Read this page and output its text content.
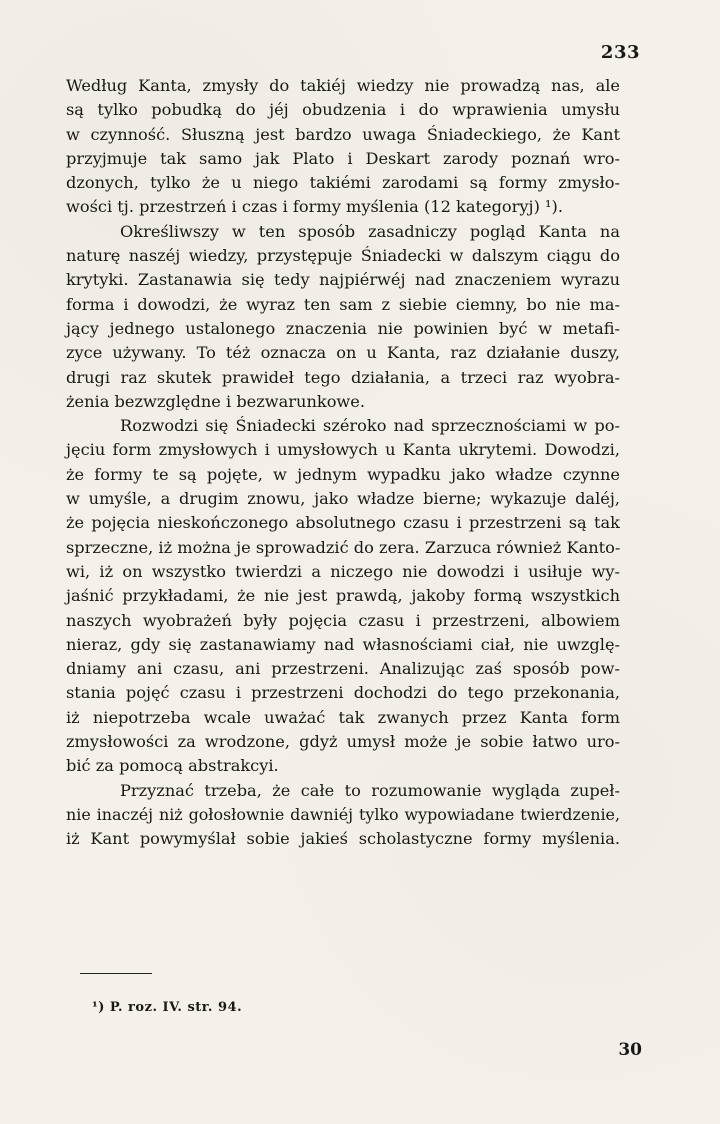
233
Według Kanta, zmysły do takiéj wiedzy nie prowadzą nas, ale
są tylko pobudką do jéj obudzenia i do wprawienia umysłu
w czynność. Słuszną jest bardzo uwaga Śniadeckiego, że Kant
przyjmuje tak samo jak Plato i Deskart zarody poznań wro-
dzonych, tylko że u niego takiémi zarodami są formy zmysło-
wości tj. przestrzeń i czas i formy myślenia (12 kategoryj) ¹).
Określiwszy w ten sposób zasadniczy pogląd Kanta na
naturę naszéj wiedzy, przystępuje Śniadecki w dalszym ciągu do
krytyki. Zastanawia się tedy najpiérwéj nad znaczeniem wyrazu
forma i dowodzi, że wyraz ten sam z siebie ciemny, bo nie ma-
jący jednego ustalonego znaczenia nie powinien być w metafi-
zyce używany. To téż oznacza on u Kanta, raz działanie duszy,
drugi raz skutek prawideł tego działania, a trzeci raz wyobra-
żenia bezwzględne i bezwarunkowe.
Rozwodzi się Śniadecki széroko nad sprzecznościami w po-
jęciu form zmysłowych i umysłowych u Kanta ukrytemi. Dowodzi,
że formy te są pojęte, w jednym wypadku jako władze czynne
w umyśle, a drugim znowu, jako władze bierne; wykazuje daléj,
że pojęcia nieskończonego absolutnego czasu i przestrzeni są tak
sprzeczne, iż można je sprowadzić do zera. Zarzuca również Kanto-
wi, iż on wszystko twierdzi a niczego nie dowodzi i usiłuje wy-
jaśnić przykładami, że nie jest prawdą, jakoby formą wszystkich
naszych wyobrażeń były pojęcia czasu i przestrzeni, albowiem
nieraz, gdy się zastanawiamy nad własnościami ciał, nie uwzglę-
dniamy ani czasu, ani przestrzeni. Analizując zaś sposób pow-
stania pojęć czasu i przestrzeni dochodzi do tego przekonania,
iż niepotrzeba wcale uważać tak zwanych przez Kanta form
zmysłowości za wrodzone, gdyż umysł może je sobie łatwo uro-
bić za pomocą abstrakcyi.
Przyznać trzeba, że całe to rozumowanie wygląda zupeł-
nie inaczéj niż gołosłownie dawniéj tylko wypowiadane twierdzenie,
iż Kant powymyślał sobie jakieś scholastyczne formy myślenia.
¹) P. roz. IV. str. 94.
30
